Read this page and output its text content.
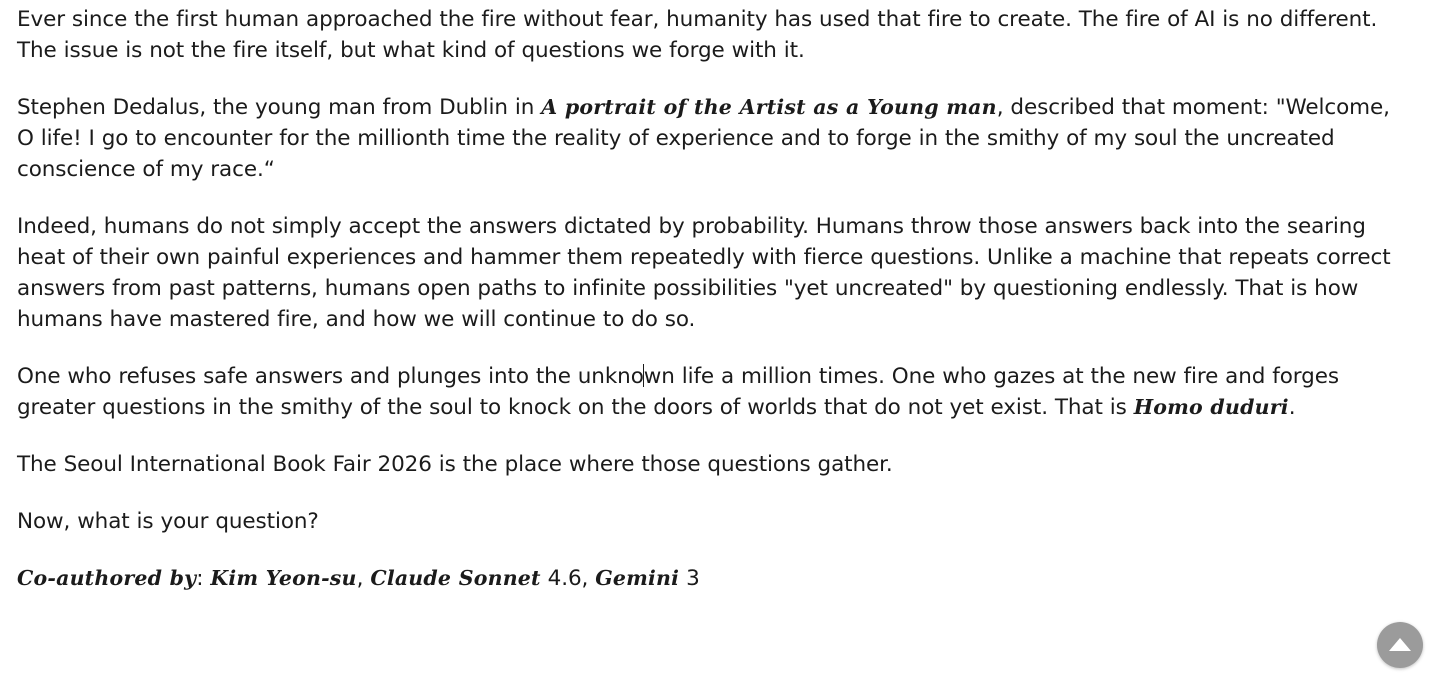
Ever since the first human approached the fire without fear, humanity has used that fire to create. The fire of AI is no different. The issue is not the fire itself, but what kind of questions we forge with it.

Stephen Dedalus, the young man from Dublin in A portrait of the Artist as a Young man, described that moment: "Welcome, O life! I go to encounter for the millionth time the reality of experience and to forge in the smithy of my soul the uncreated conscience of my race.“

Indeed, humans do not simply accept the answers dictated by probability. Humans throw those answers back into the searing heat of their own painful experiences and hammer them repeatedly with fierce questions. Unlike a machine that repeats correct answers from past patterns, humans open paths to infinite possibilities "yet uncreated" by questioning endlessly. That is how humans have mastered fire, and how we will continue to do so.

One who refuses safe answers and plunges into the unknown life a million times. One who gazes at the new fire and forges greater questions in the smithy of the soul to knock on the doors of worlds that do not yet exist. That is Homo duduri.

The Seoul International Book Fair 2026 is the place where those questions gather.

Now, what is your question?

Co-authored by: Kim Yeon-su, Claude Sonnet 4.6, Gemini 3
